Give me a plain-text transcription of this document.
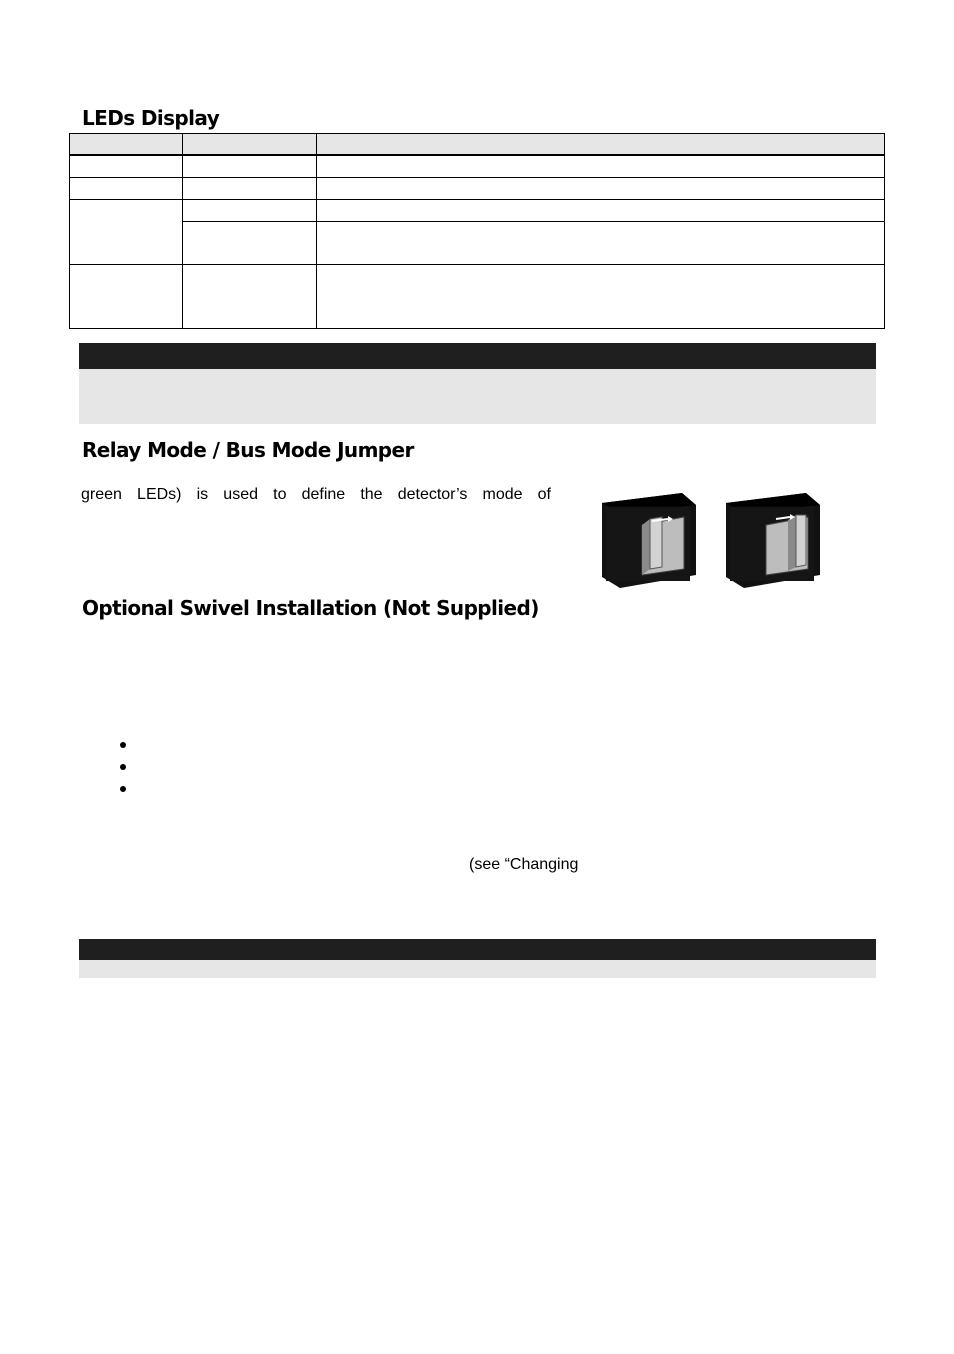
LEDs Display

Relay Mode / Bus Mode Jumper

green LEDs) is used to define the detector’s mode of

Optional Swivel Installation (Not Supplied)

(see “Changing
